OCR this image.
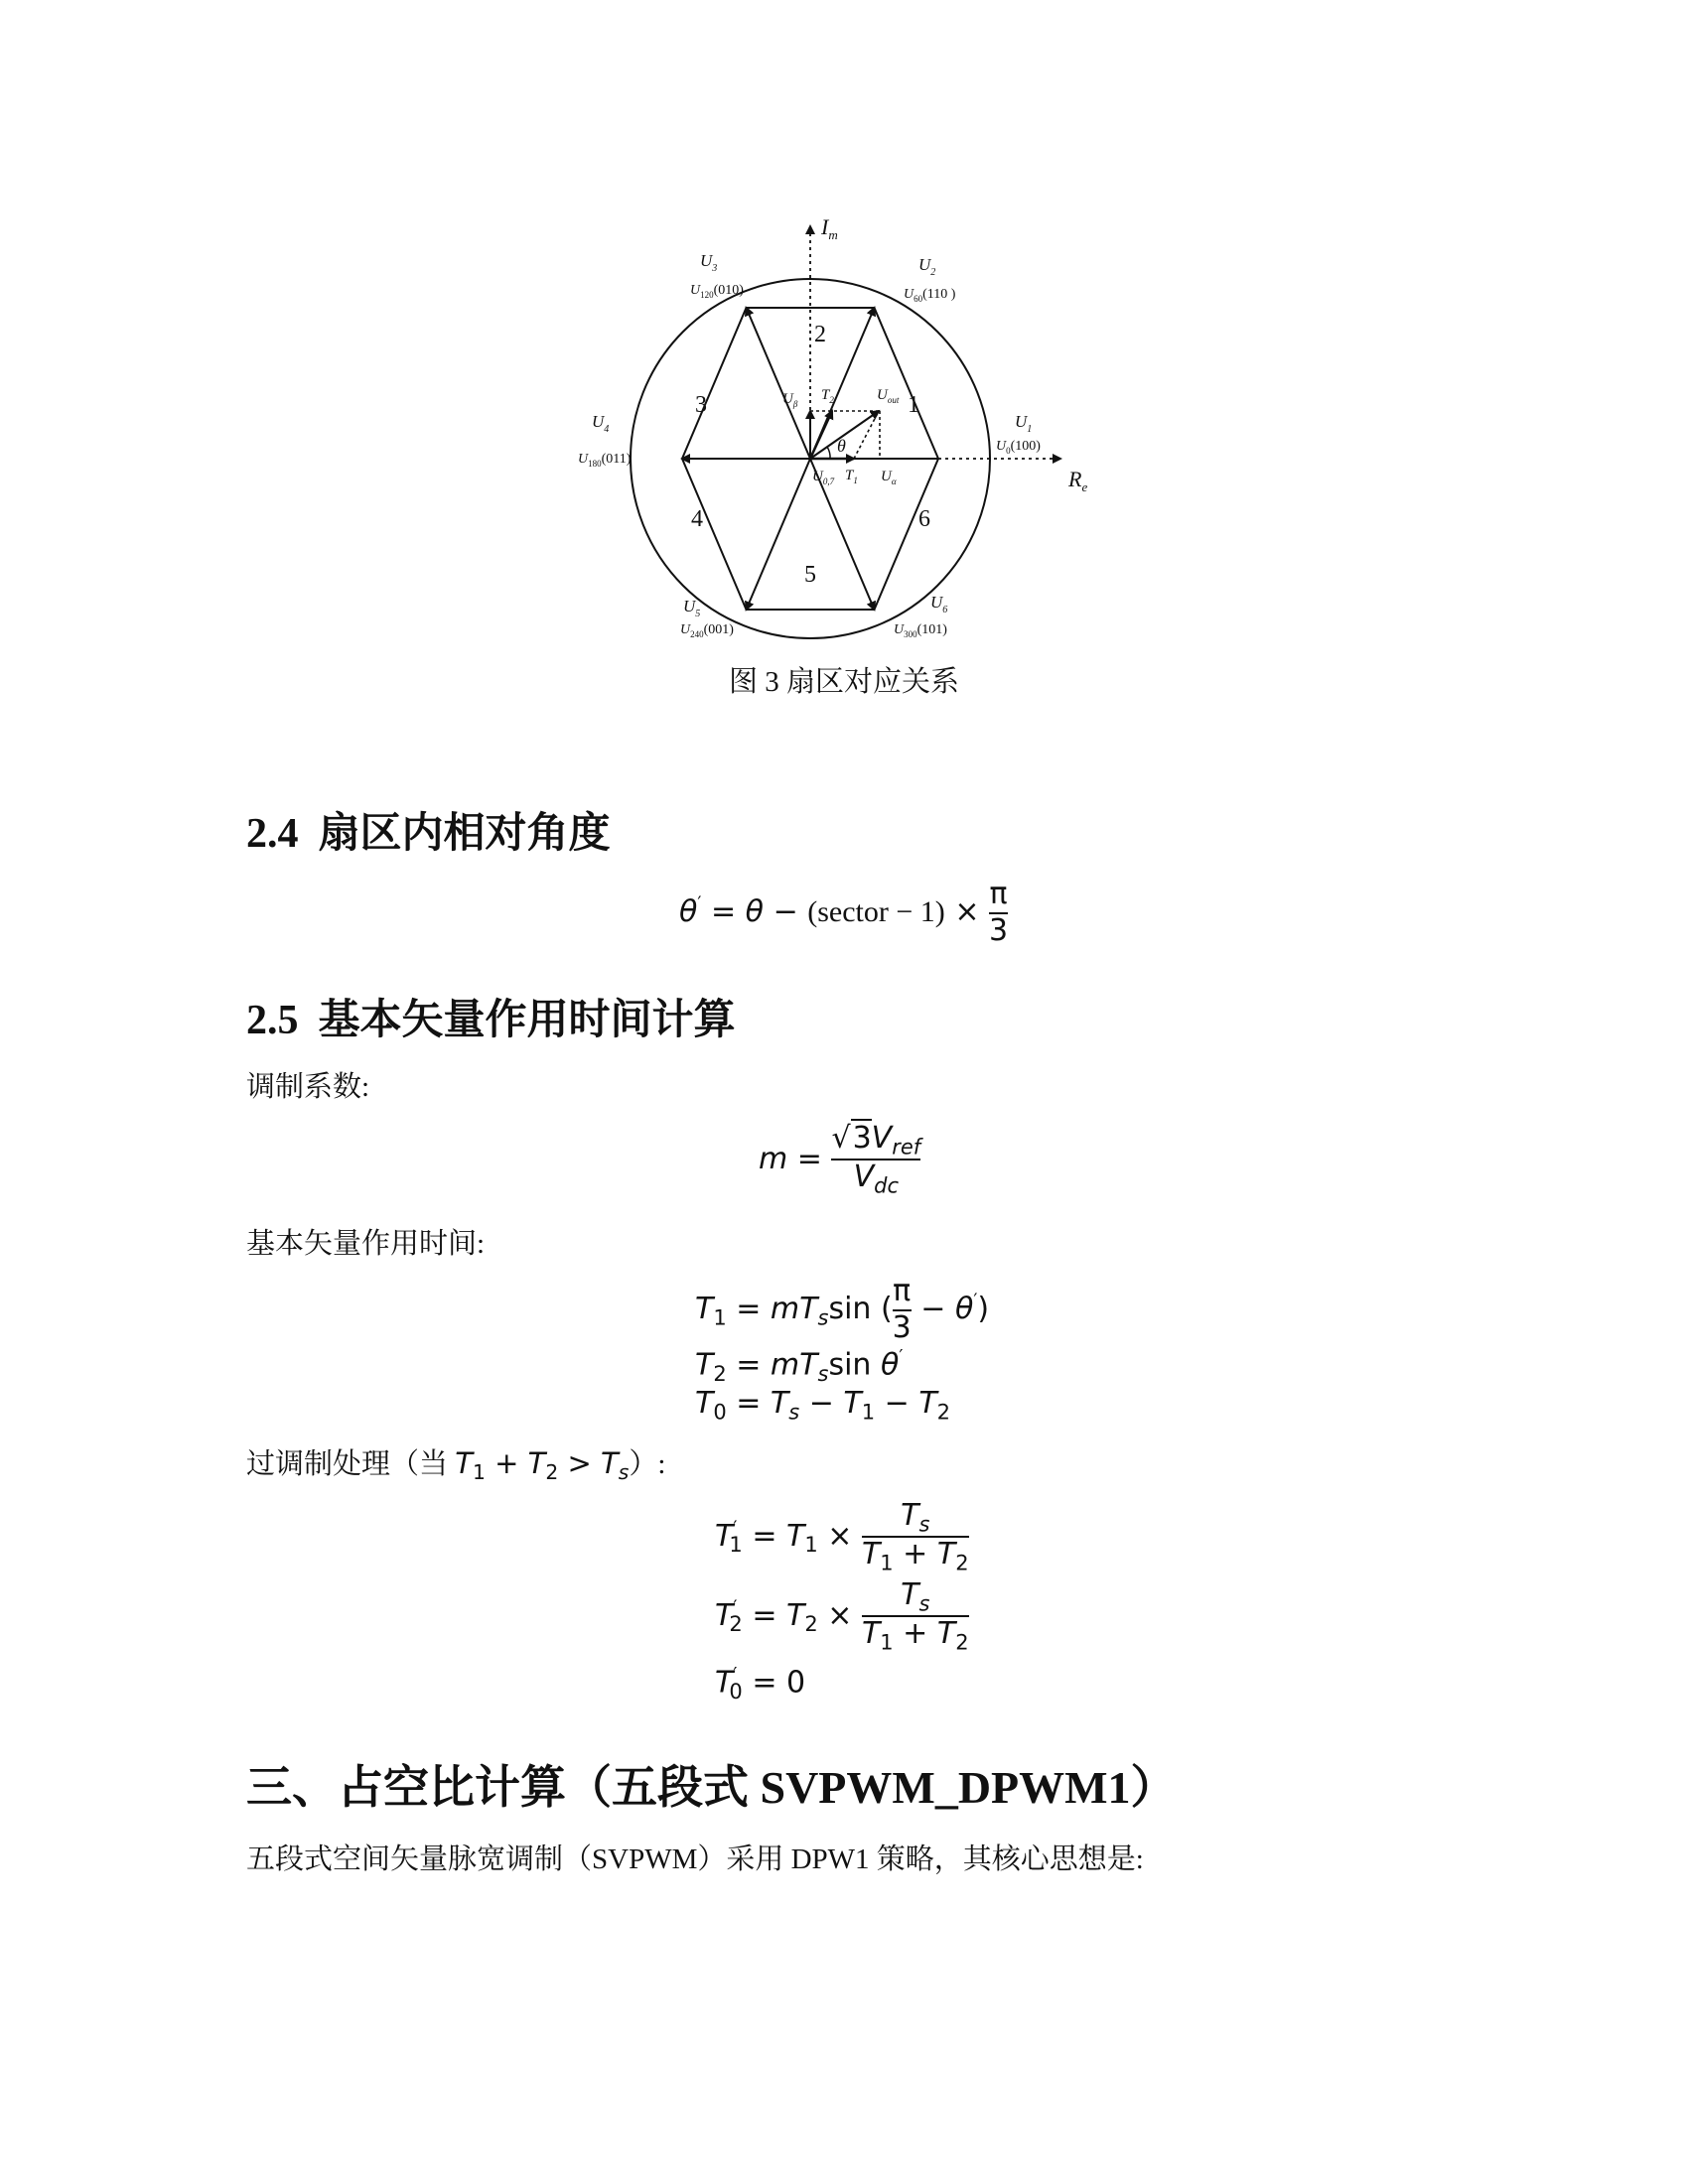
$I_m$
$R_e$
1
2
3
4
5
6
$U_1$
$U_0(100)$
$U_2$
$U_{60}(110$ )
$U_3$
$U_{120}(010)$
$U_4$
$U_{180}(011)$
$U_5$
$U_{240}(001)$
$U_6$
$U_{300}(101)$
$U_\beta$
$T_2$	$U_{out}$
θ
$U_{0,7}$ $T_1$ $U_\alpha$
图 3 扇区对应关系
2.4 扇区内相对角度
θ′ = θ − (sector − $1) \times \frac{\pi}{3}$
2.5 基本矢量作用时间计算
调制系数:
$m = \frac{√3V_{ref}}{V_{dc}}$
基本矢量作用时间:
$T_1 = mT_s\sin$ ( $\frac{\pi}{3} - \theta'$)
$T_2 = mT_s\sin$ θ′
$T_0 = T_s - T_1 - T_2$
过调制处理（当 $T_1 + T_2 > T_s$）:
$T'_1 = T_1 \times \frac{T_s}{T_1 + T_2}$
$T'_2 = T_2 \times \frac{T_s}{T_1 + T_2}$
$T'_0 = 0$
三、占空比计算（五段式 SVPWM_DPWM1）
五段式空间矢量脉宽调制（SVPWM）采用 DPW1 策略，其核心思想是:
